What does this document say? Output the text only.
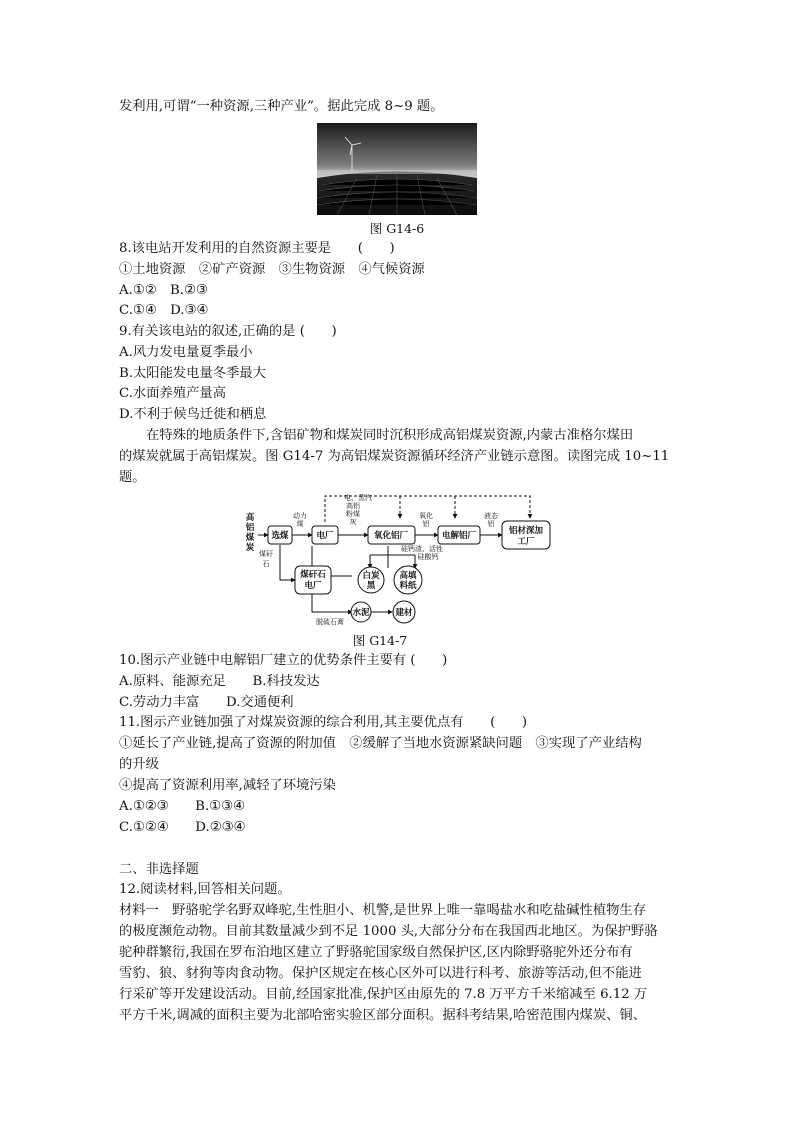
发利用,可谓“一种资源,三种产业”。据此完成 8~9 题。
图 G14-6
8.该电站开发利用的自然资源主要是　　(　　)
①土地资源　②矿产资源　③生物资源　④气候资源
A.①②　B.②③
C.①④　D.③④
9.有关该电站的叙述,正确的是 (　　)
A.风力发电量夏季最小
B.太阳能发电量冬季最大
C.水面养殖产量高
D.不利于候鸟迁徙和栖息
在特殊的地质条件下,含铝矿物和煤炭同时沉积形成高铝煤炭资源,内蒙古准格尔煤田
的煤炭就属于高铝煤炭。图 G14-7 为高铝煤炭资源循环经济产业链示意图。读图完成 10~11
题。
高
铝
煤
炭
选煤	电厂	氧化铝厂	电解铝厂	铝材深加
工厂
煤矸石
电厂
白炭
黑
高填
料纸
水泥	建材
电、蒸汽
动力
煤
高铝
粉煤
灰
氧化
铝
液态
铝
煤矸
石
硅钙渣、活性
硅酸钙
脱硫石膏
图 G14-7
10.图示产业链中电解铝厂建立的优势条件主要有 (　　)
A.原料、能源充足　　B.科技发达
C.劳动力丰富　　D.交通便利
11.图示产业链加强了对煤炭资源的综合利用,其主要优点有　　(　　)
①延长了产业链,提高了资源的附加值　②缓解了当地水资源紧缺问题　③实现了产业结构
的升级
④提高了资源利用率,减轻了环境污染
A.①②③　　B.①③④
C.①②④　　D.②③④
二、非选择题
12.阅读材料,回答相关问题。
材料一　野骆驼学名野双峰驼,生性胆小、机警,是世界上唯一靠喝盐水和吃盐碱性植物生存
的极度濒危动物。目前其数量减少到不足 1000 头,大部分分布在我国西北地区。为保护野骆
驼种群繁衍,我国在罗布泊地区建立了野骆驼国家级自然保护区,区内除野骆驼外还分布有
雪豹、狼、豺狗等肉食动物。保护区规定在核心区外可以进行科考、旅游等活动,但不能进
行采矿等开发建设活动。目前,经国家批准,保护区由原先的 7.8 万平方千米缩减至 6.12 万
平方千米,调减的面积主要为北部哈密实验区部分面积。据科考结果,哈密范围内煤炭、铜、
